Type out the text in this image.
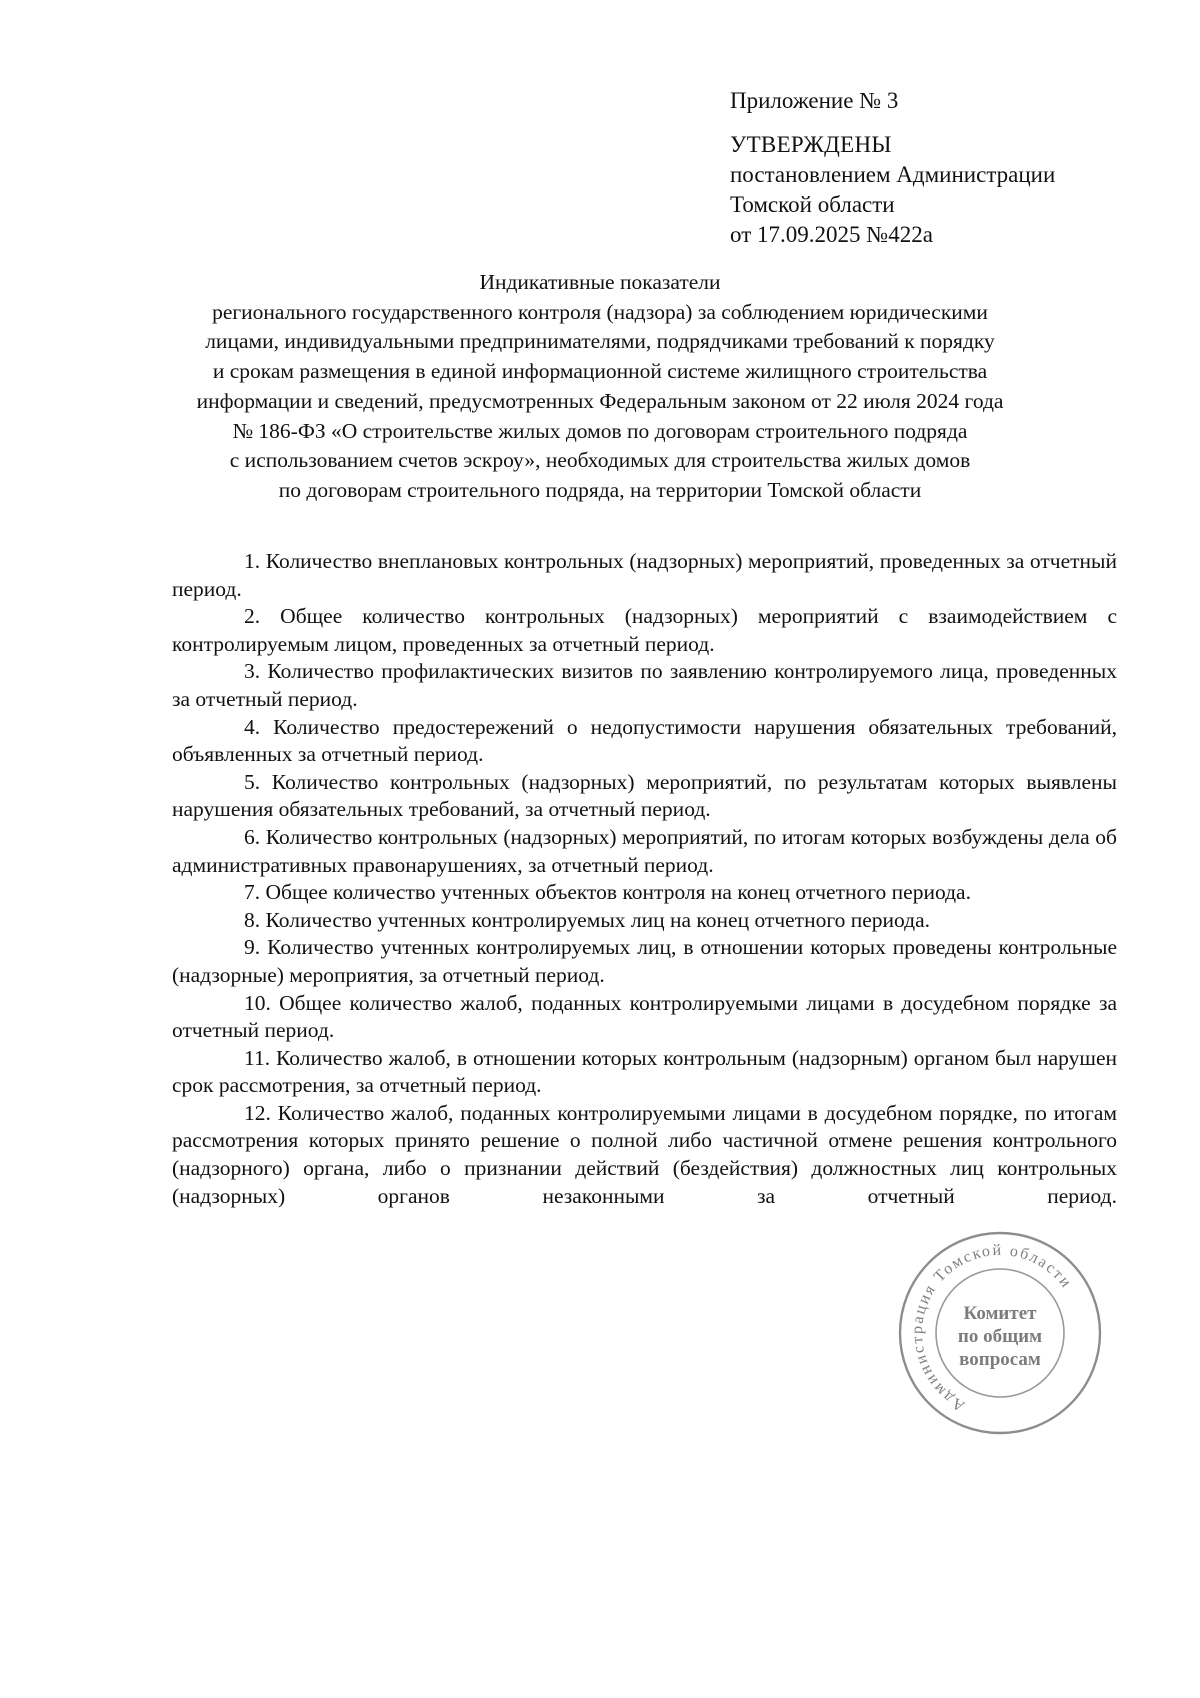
Приложение № 3
УТВЕРЖДЕНЫ
постановлением Администрации
Томской области
от 17.09.2025 №422а
Индикативные показатели
регионального государственного контроля (надзора) за соблюдением юридическими
лицами, индивидуальными предпринимателями, подрядчиками требований к порядку
и срокам размещения в единой информационной системе жилищного строительства
информации и сведений, предусмотренных Федеральным законом от 22 июля 2024 года
№ 186-ФЗ «О строительстве жилых домов по договорам строительного подряда
с использованием счетов эскроу», необходимых для строительства жилых домов
по договорам строительного подряда, на территории Томской области

1. Количество внеплановых контрольных (надзорных) мероприятий, проведенных за отчетный период.

2. Общее количество контрольных (надзорных) мероприятий с взаимодействием с контролируемым лицом, проведенных за отчетный период.

3. Количество профилактических визитов по заявлению контролируемого лица, проведенных за отчетный период.

4. Количество предостережений о недопустимости нарушения обязательных требований, объявленных за отчетный период.

5. Количество контрольных (надзорных) мероприятий, по результатам которых выявлены нарушения обязательных требований, за отчетный период.

6. Количество контрольных (надзорных) мероприятий, по итогам которых возбуждены дела об административных правонарушениях, за отчетный период.

7. Общее количество учтенных объектов контроля на конец отчетного периода.

8. Количество учтенных контролируемых лиц на конец отчетного периода.

9. Количество учтенных контролируемых лиц, в отношении которых проведены контрольные (надзорные) мероприятия, за отчетный период.

10. Общее количество жалоб, поданных контролируемыми лицами в досудебном порядке за отчетный период.

11. Количество жалоб, в отношении которых контрольным (надзорным) органом был нарушен срок рассмотрения, за отчетный период.

12. Количество жалоб, поданных контролируемыми лицами в досудебном порядке, по итогам рассмотрения которых принято решение о полной либо частичной отмене решения контрольного (надзорного) органа, либо о признании действий (бездействия) должностных лиц контрольных (надзорных) органов незаконными за отчетный период.

Администрация Томской области
Комитет
по общим
вопросам
